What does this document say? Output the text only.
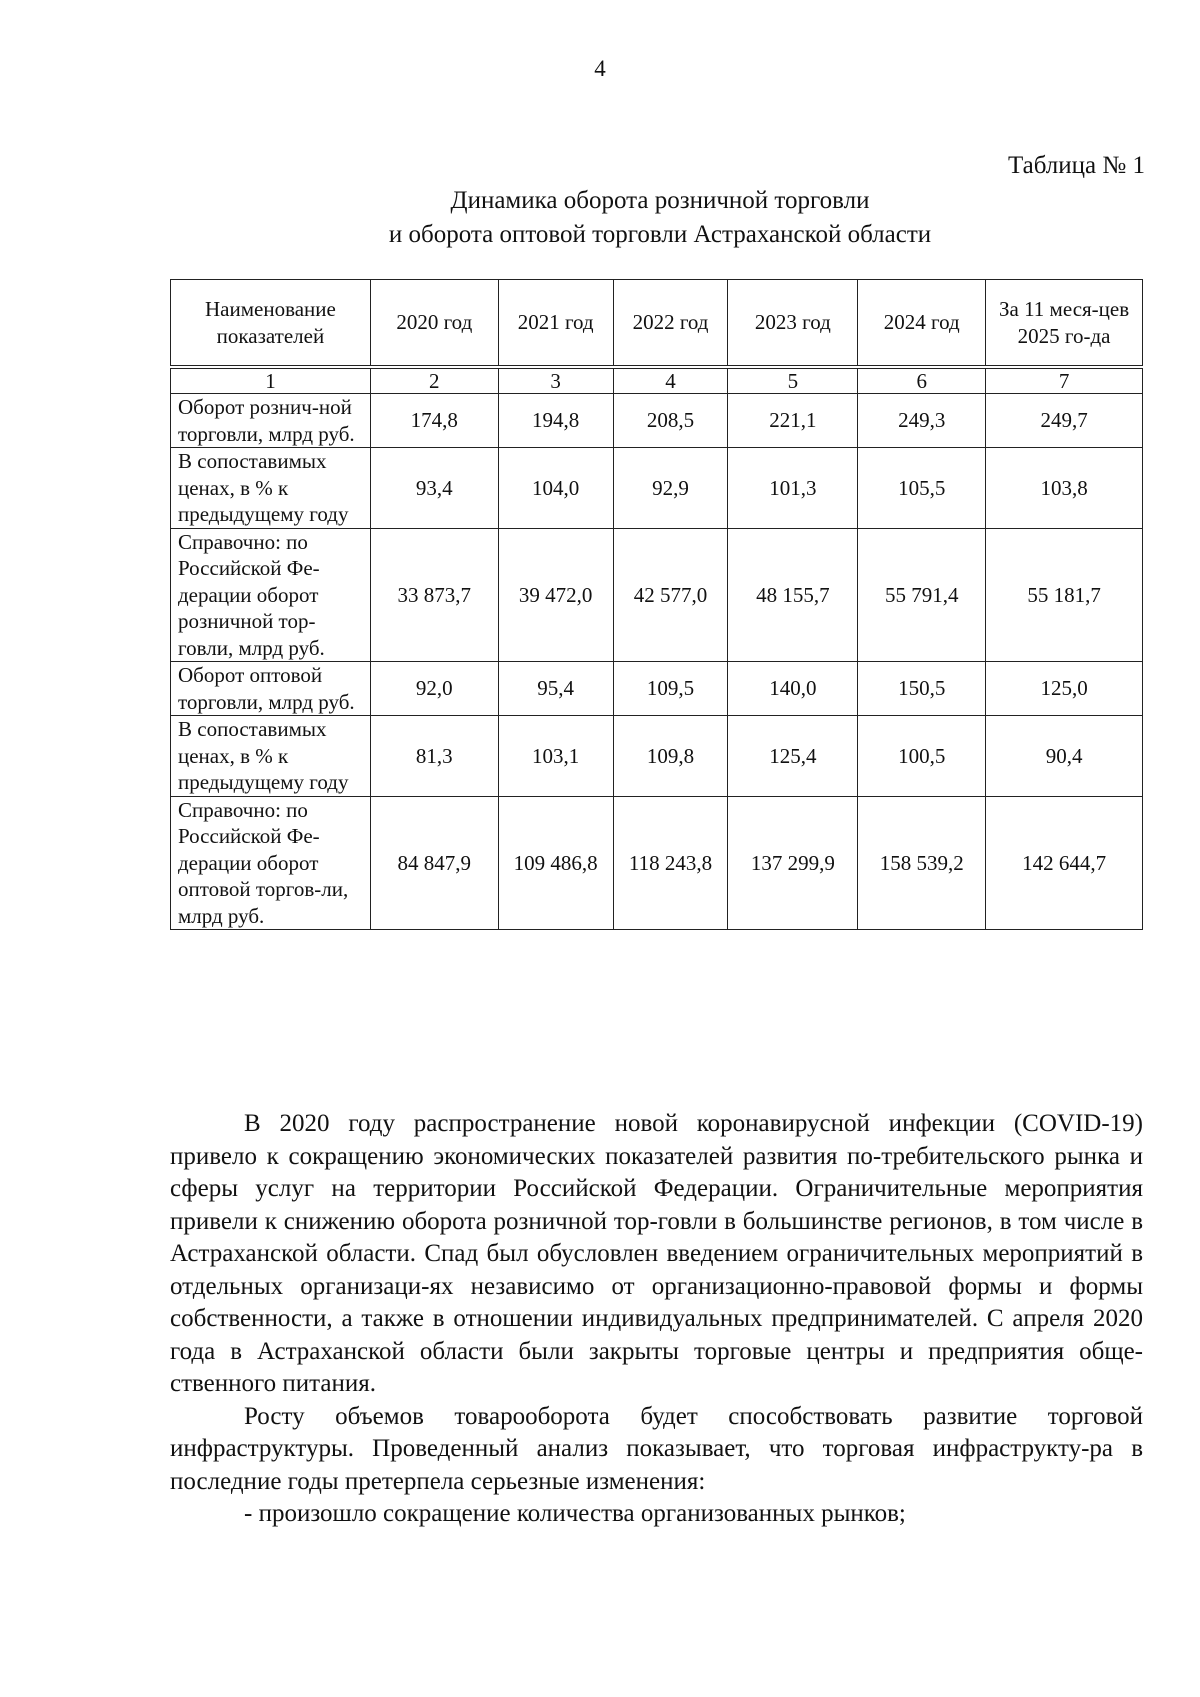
4
Таблица № 1
Динамика оборота розничной торговли
и оборота оптовой торговли Астраханской области
Наименование показателей	2020 год	2021 год	2022 год	2023 год	2024 год	За 11 меся-цев 2025 го-да
1	2	3	4	5	6	7
Оборот рознич-ной торговли, млрд руб.	174,8	194,8	208,5	221,1	249,3	249,7
В сопоставимых ценах, в % к предыдущему году	93,4	104,0	92,9	101,3	105,5	103,8
Справочно: по Российской Фе-дерации оборот розничной тор-говли, млрд руб.	33 873,7	39 472,0	42 577,0	48 155,7	55 791,4	55 181,7
Оборот оптовой торговли, млрд руб.	92,0	95,4	109,5	140,0	150,5	125,0
В сопоставимых ценах, в % к предыдущему году	81,3	103,1	109,8	125,4	100,5	90,4
Справочно: по Российской Фе-дерации оборот оптовой торгов-ли, млрд руб.	84 847,9	109 486,8	118 243,8	137 299,9	158 539,2	142 644,7

В 2020 году распространение новой коронавирусной инфекции (COVID-19) привело к сокращению экономических показателей развития по-требительского рынка и сферы услуг на территории Российской Федерации. Ограничительные мероприятия привели к снижению оборота розничной тор-говли в большинстве регионов, в том числе в Астраханской области. Спад был обусловлен введением ограничительных мероприятий в отдельных организаци-ях независимо от организационно-правовой формы и формы собственности, а также в отношении индивидуальных предпринимателей. С апреля 2020 года в Астраханской области были закрыты торговые центры и предприятия обще-ственного питания.

Росту объемов товарооборота будет способствовать развитие торговой инфраструктуры. Проведенный анализ показывает, что торговая инфраструкту-ра в последние годы претерпела серьезные изменения:

- произошло сокращение количества организованных рынков;
